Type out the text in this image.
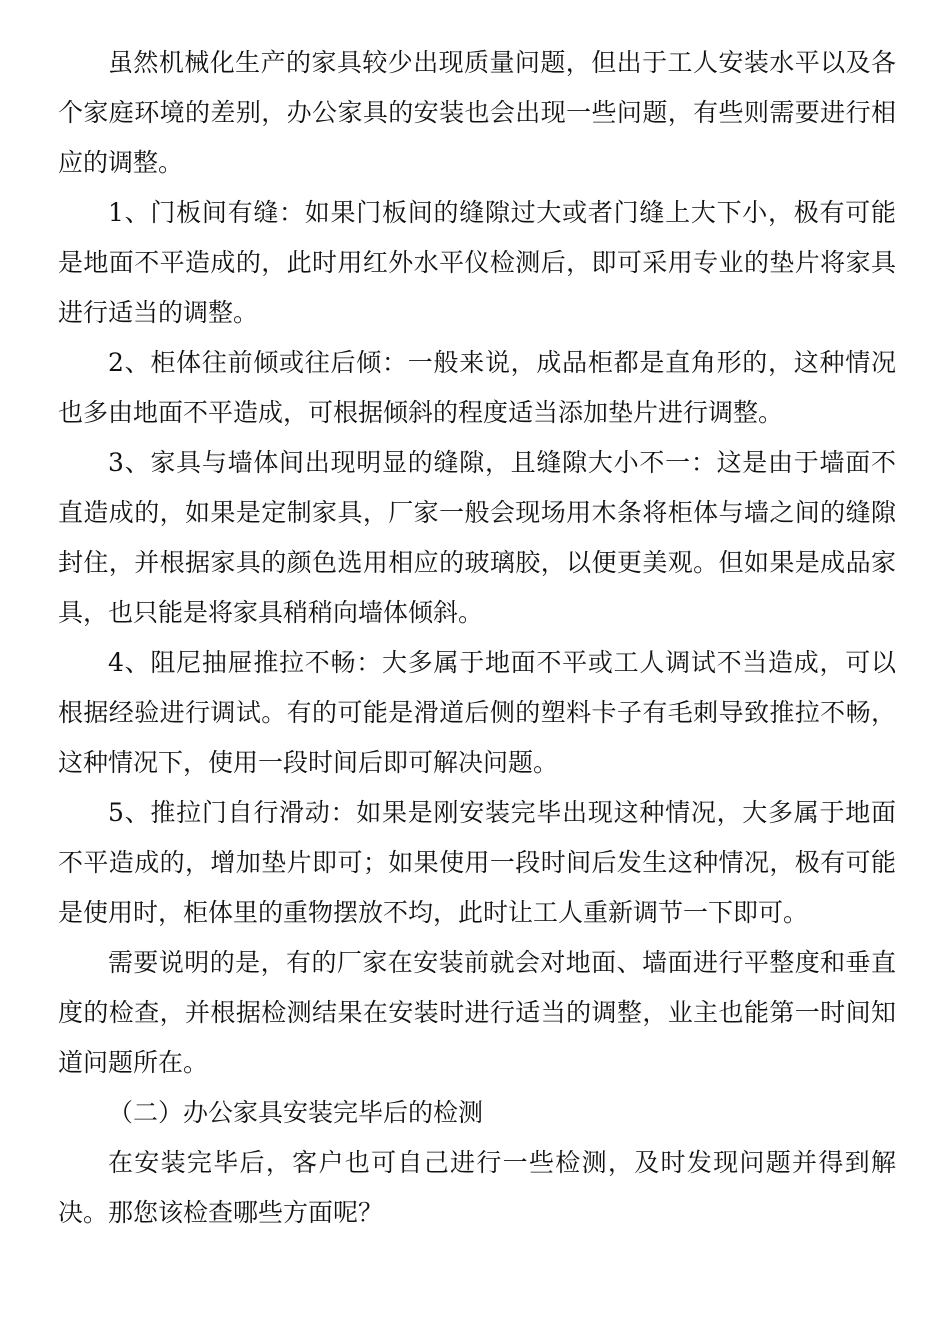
虽然机械化生产的家具较少出现质量问题，但出于工人安装水平以及各个家庭环境的差别，办公家具的安装也会出现一些问题，有些则需要进行相应的调整。

1、门板间有缝：如果门板间的缝隙过大或者门缝上大下小，极有可能是地面不平造成的，此时用红外水平仪检测后，即可采用专业的垫片将家具进行适当的调整。

2、柜体往前倾或往后倾：一般来说，成品柜都是直角形的，这种情况也多由地面不平造成，可根据倾斜的程度适当添加垫片进行调整。

3、家具与墙体间出现明显的缝隙，且缝隙大小不一：这是由于墙面不直造成的，如果是定制家具，厂家一般会现场用木条将柜体与墙之间的缝隙封住，并根据家具的颜色选用相应的玻璃胶，以便更美观。但如果是成品家具，也只能是将家具稍稍向墙体倾斜。

4、阻尼抽屉推拉不畅：大多属于地面不平或工人调试不当造成，可以根据经验进行调试。有的可能是滑道后侧的塑料卡子有毛刺导致推拉不畅，这种情况下，使用一段时间后即可解决问题。

5、推拉门自行滑动：如果是刚安装完毕出现这种情况，大多属于地面不平造成的，增加垫片即可；如果使用一段时间后发生这种情况，极有可能是使用时，柜体里的重物摆放不均，此时让工人重新调节一下即可。

需要说明的是，有的厂家在安装前就会对地面、墙面进行平整度和垂直度的检查，并根据检测结果在安装时进行适当的调整，业主也能第一时间知道问题所在。

（二）办公家具安装完毕后的检测

在安装完毕后，客户也可自己进行一些检测，及时发现问题并得到解决。那您该检查哪些方面呢？
